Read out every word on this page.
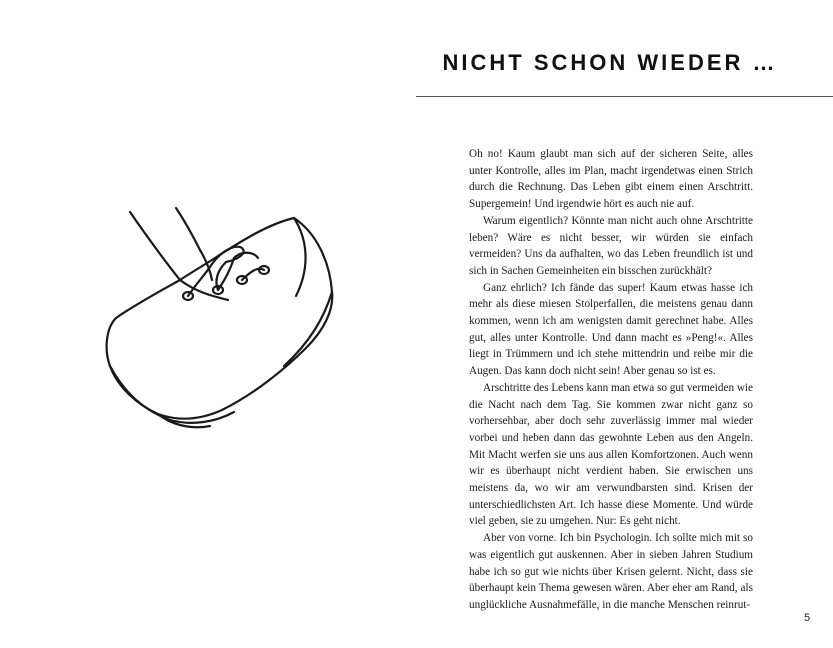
NICHT SCHON WIEDER …

Oh no! Kaum glaubt man sich auf der sicheren Seite, alles unter Kontrolle, alles im Plan, macht irgendetwas einen Strich durch die Rechnung. Das Leben gibt einem einen Arschtritt. Supergemein! Und irgendwie hört es auch nie auf.

Warum eigentlich? Könnte man nicht auch ohne Arschtritte leben? Wäre es nicht besser, wir würden sie einfach vermeiden? Uns da aufhalten, wo das Leben freundlich ist und sich in Sachen Gemeinheiten ein bisschen zurückhält?

Ganz ehrlich? Ich fände das super! Kaum etwas hasse ich mehr als diese miesen Stolperfallen, die meistens genau dann kommen, wenn ich am wenigsten damit gerechnet habe. Alles gut, alles unter Kontrolle. Und dann macht es »Peng!«. Alles liegt in Trümmern und ich stehe mittendrin und reibe mir die Augen. Das kann doch nicht sein! Aber genau so ist es.

Arschtritte des Lebens kann man etwa so gut vermeiden wie die Nacht nach dem Tag. Sie kommen zwar nicht ganz so vorhersehbar, aber doch sehr zuverlässig immer mal wieder vorbei und heben dann das gewohnte Leben aus den Angeln. Mit Macht werfen sie uns aus allen Komfortzonen. Auch wenn wir es überhaupt nicht verdient haben. Sie erwischen uns meistens da, wo wir am verwundbarsten sind. Krisen der unterschiedlichsten Art. Ich hasse diese Momente. Und würde viel geben, sie zu umgehen. Nur: Es geht nicht.

Aber von vorne. Ich bin Psychologin. Ich sollte mich mit so was eigentlich gut auskennen. Aber in sieben Jahren Studium habe ich so gut wie nichts über Krisen gelernt. Nicht, dass sie überhaupt kein Thema gewesen wären. Aber eher am Rand, als unglückliche Ausnahmefälle, in die manche Menschen reinrut-

5
